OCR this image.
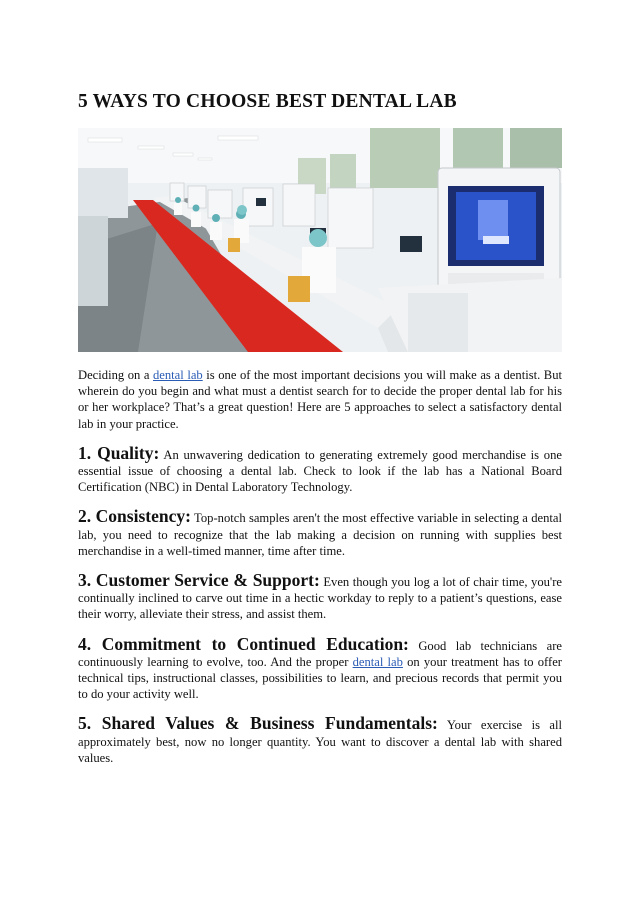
5 WAYS TO CHOOSE BEST DENTAL LAB

Deciding on a dental lab is one of the most important decisions you will make as a dentist. But wherein do you begin and what must a dentist search for to decide the proper dental lab for his or her workplace? That’s a great question! Here are 5 approaches to select a satisfactory dental lab in your practice.

1. Quality: An unwavering dedication to generating extremely good merchandise is one essential issue of choosing a dental lab. Check to look if the lab has a National Board Certification (NBC) in Dental Laboratory Technology.

2. Consistency: Top-notch samples aren't the most effective variable in selecting a dental lab, you need to recognize that the lab making a decision on running with supplies best merchandise in a well-timed manner, time after time.

3. Customer Service & Support: Even though you log a lot of chair time, you're continually inclined to carve out time in a hectic workday to reply to a patient’s questions, ease their worry, alleviate their stress, and assist them.

4. Commitment to Continued Education: Good lab technicians are continuously learning to evolve, too. And the proper dental lab on your treatment has to offer technical tips, instructional classes, possibilities to learn, and precious records that permit you to do your activity well.

5. Shared Values & Business Fundamentals: Your exercise is all approximately best, now no longer quantity. You want to discover a dental lab with shared values.
